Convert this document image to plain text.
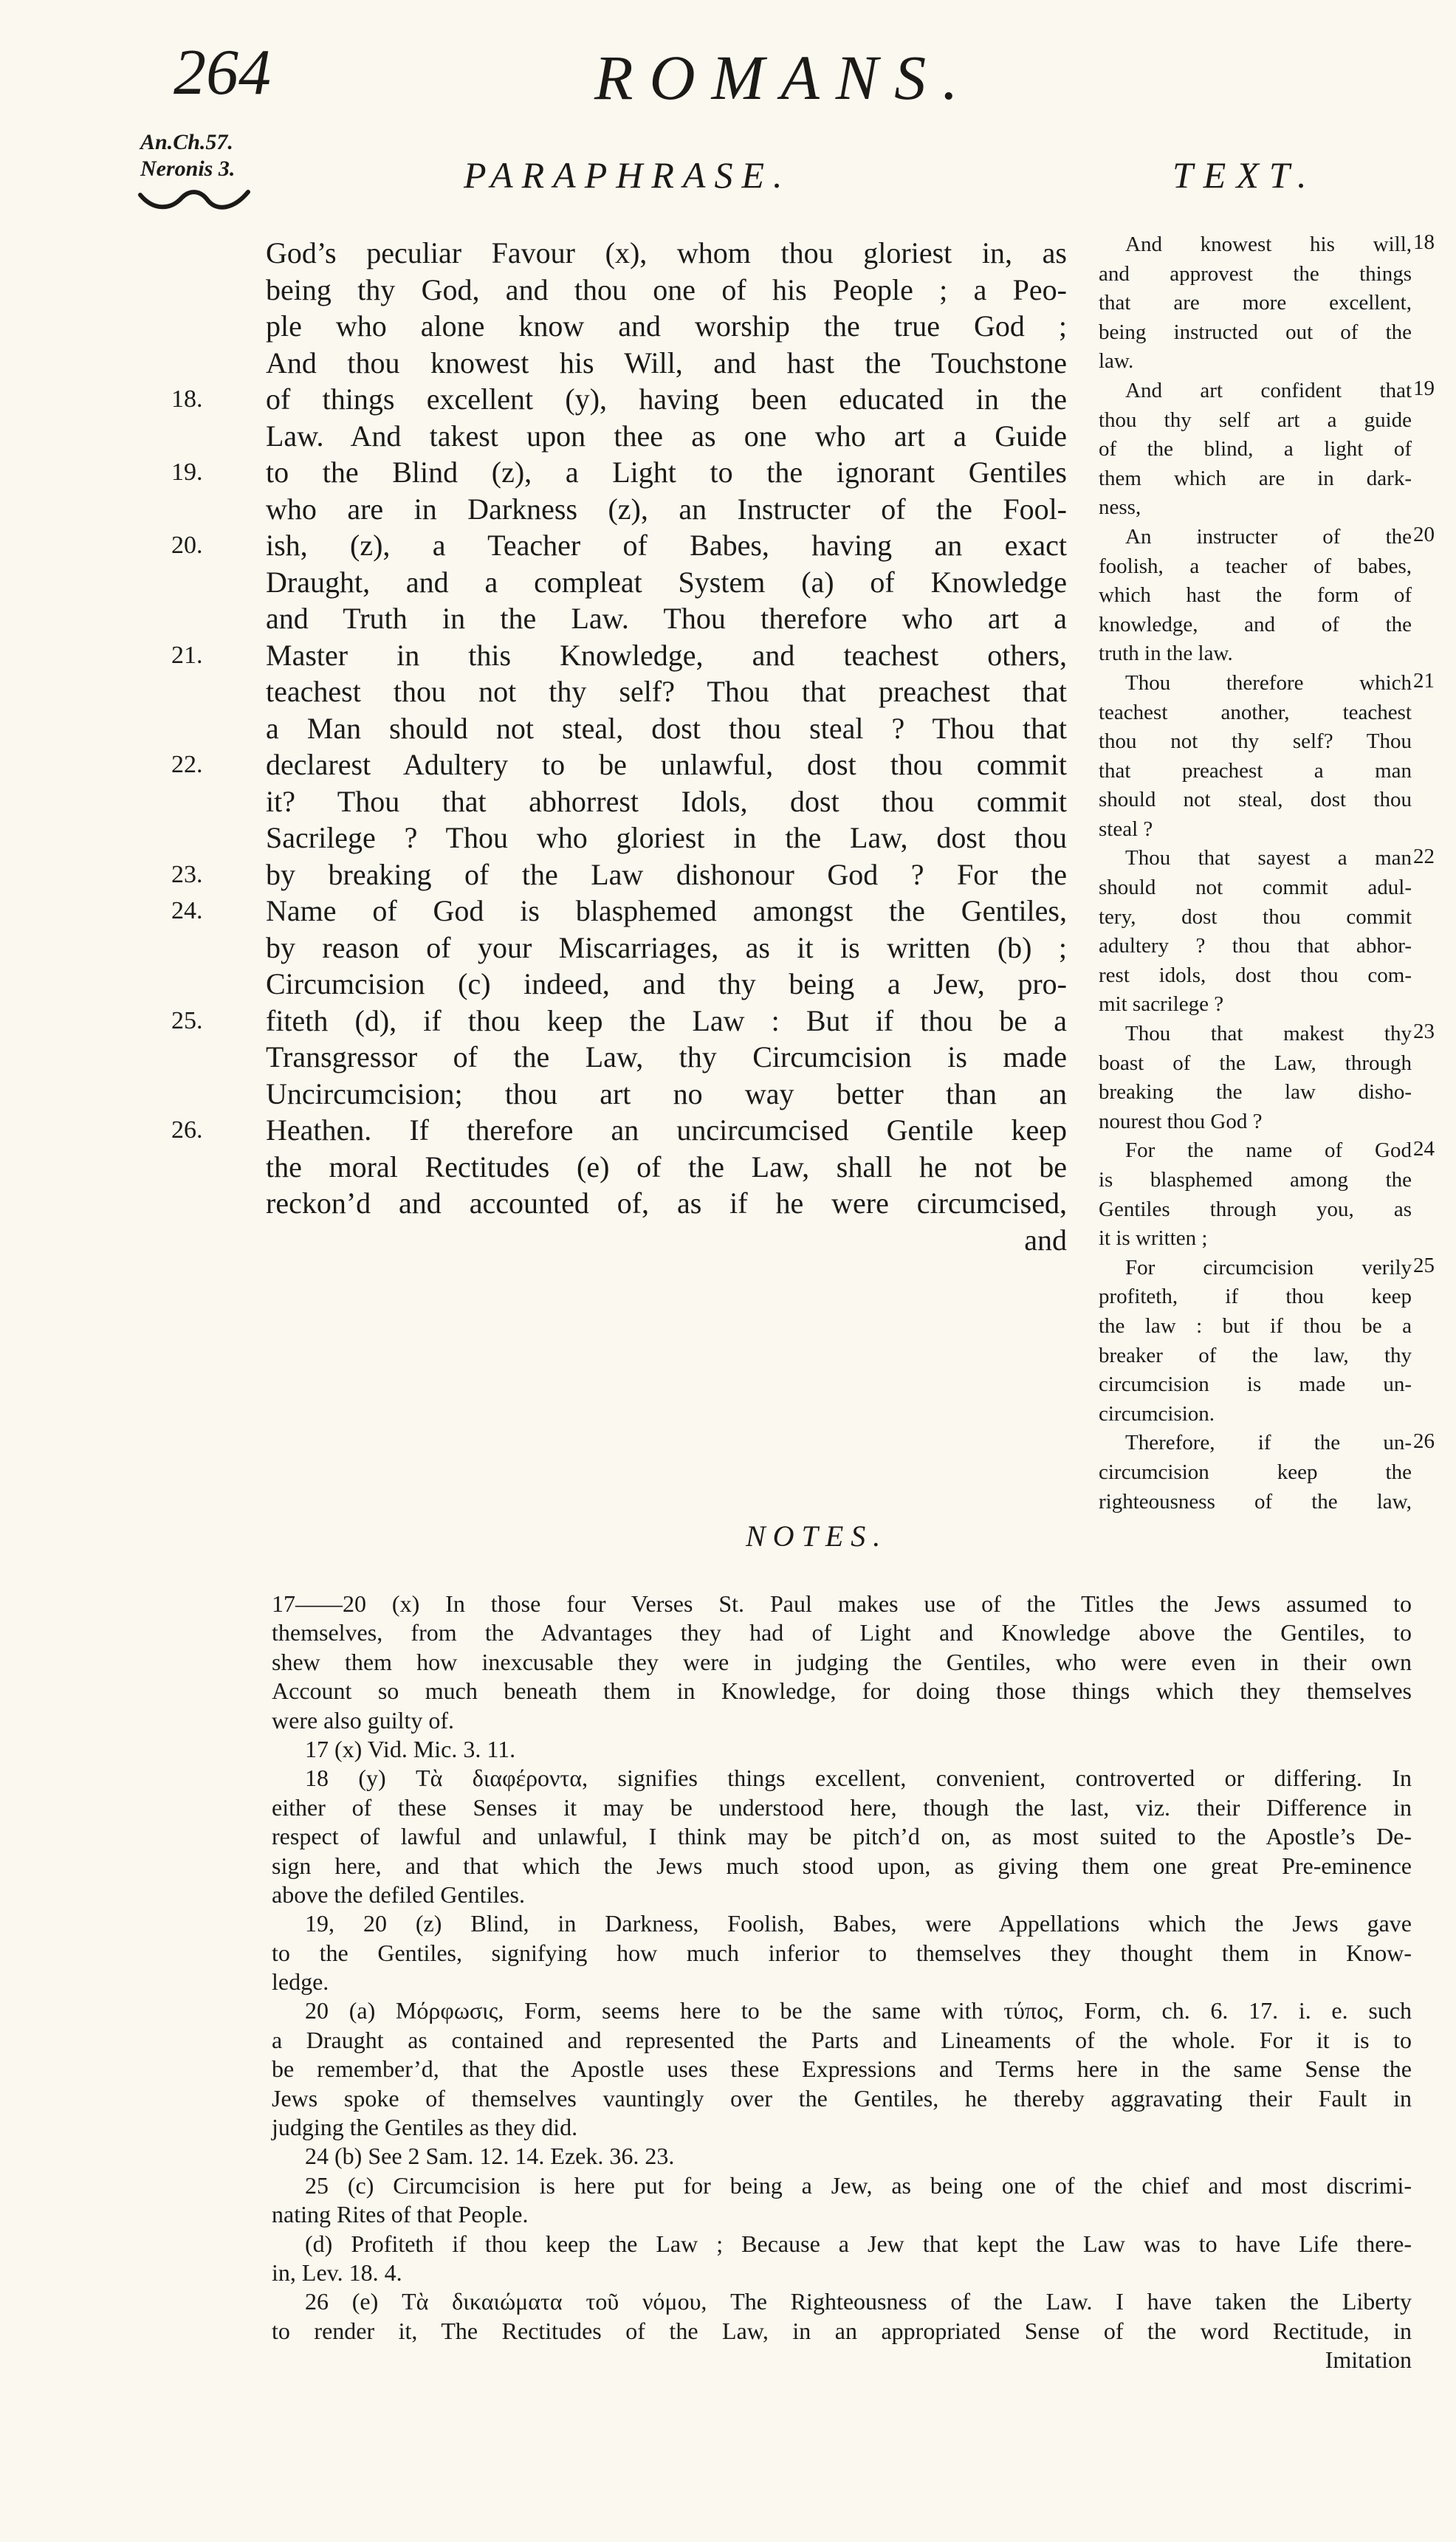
264	ROMANS.
An.Ch.57.
Neronis 3.	PARAPHRASE.	TEXT.
18.
19.
20.
21.
22.
23.
24.
25.
26.
God’s peculiar Favour (x), whom thou gloriest in, as
being thy God, and thou one of his People ; a Peo-
ple who alone know and worship the true God ;
And thou knowest his Will, and hast the Touchstone
of things excellent (y), having been educated in the
Law. And takest upon thee as one who art a Guide
to the Blind (z), a Light to the ignorant Gentiles
who are in Darkness (z), an Instructer of the Fool-
ish, (z), a Teacher of Babes, having an exact
Draught, and a compleat System (a) of Knowledge
and Truth in the Law. Thou therefore who art a
Master in this Knowledge, and teachest others,
teachest thou not thy self? Thou that preachest that
a Man should not steal, dost thou steal ? Thou that
declarest Adultery to be unlawful, dost thou commit
it? Thou that abhorrest Idols, dost thou commit
Sacrilege ? Thou who gloriest in the Law, dost thou
by breaking of the Law dishonour God ? For the
Name of God is blasphemed amongst the Gentiles,
by reason of your Miscarriages, as it is written (b) ;
Circumcision (c) indeed, and thy being a Jew, pro-
fiteth (d), if thou keep the Law : But if thou be a
Transgressor of the Law, thy Circumcision is made
Uncircumcision; thou art no way better than an
Heathen. If therefore an uncircumcised Gentile keep
the moral Rectitudes (e) of the Law, shall he not be
reckon’d and accounted of, as if he were circumcised,
and
And knowest his will,
and approvest the things
that are more excellent,
being instructed out of the
law.
And art confident that
thou thy self art a guide
of the blind, a light of
them which are in dark-
ness,
An instructer of the
foolish, a teacher of babes,
which hast the form of
knowledge, and of the
truth in the law.
Thou therefore which
teachest another, teachest
thou not thy self? Thou
that preachest a man
should not steal, dost thou
steal ?
Thou that sayest a man
should not commit adul-
tery, dost thou commit
adultery ? thou that abhor-
rest idols, dost thou com-
mit sacrilege ?
Thou that makest thy
boast of the Law, through
breaking the law disho-
nourest thou God ?
For the name of God
is blasphemed among the
Gentiles through you, as
it is written ;
For circumcision verily
profiteth, if thou keep
the law : but if thou be a
breaker of the law, thy
circumcision is made un-
circumcision.
Therefore, if the un-
circumcision keep the
righteousness of the law,
18
19
20
21
22
23
24
25
26
NOTES.
17——20 (x) In those four Verses St. Paul makes use of the Titles the Jews assumed to
themselves, from the Advantages they had of Light and Knowledge above the Gentiles, to
shew them how inexcusable they were in judging the Gentiles, who were even in their own
Account so much beneath them in Knowledge, for doing those things which they themselves
were also guilty of.
17 (x) Vid. Mic. 3. 11.
18 (y) Τὰ διαφέροντα, signifies things excellent, convenient, controverted or differing. In
either of these Senses it may be understood here, though the last, viz. their Difference in
respect of lawful and unlawful, I think may be pitch’d on, as most suited to the Apostle’s De-
sign here, and that which the Jews much stood upon, as giving them one great Pre-eminence
above the defiled Gentiles.
19, 20 (z) Blind, in Darkness, Foolish, Babes, were Appellations which the Jews gave
to the Gentiles, signifying how much inferior to themselves they thought them in Know-
ledge.
20 (a) Μόρφωσις, Form, seems here to be the same with τύπος, Form, ch. 6. 17. i. e. such
a Draught as contained and represented the Parts and Lineaments of the whole. For it is to
be remember’d, that the Apostle uses these Expressions and Terms here in the same Sense the
Jews spoke of themselves vauntingly over the Gentiles, he thereby aggravating their Fault in
judging the Gentiles as they did.
24 (b) See 2 Sam. 12. 14. Ezek. 36. 23.
25 (c) Circumcision is here put for being a Jew, as being one of the chief and most discrimi-
nating Rites of that People.
(d) Profiteth if thou keep the Law ; Because a Jew that kept the Law was to have Life there-
in, Lev. 18. 4.
26 (e) Τὰ δικαιώματα τοῦ νόμου, The Righteousness of the Law. I have taken the Liberty
to render it, The Rectitudes of the Law, in an appropriated Sense of the word Rectitude, in
Imitation
